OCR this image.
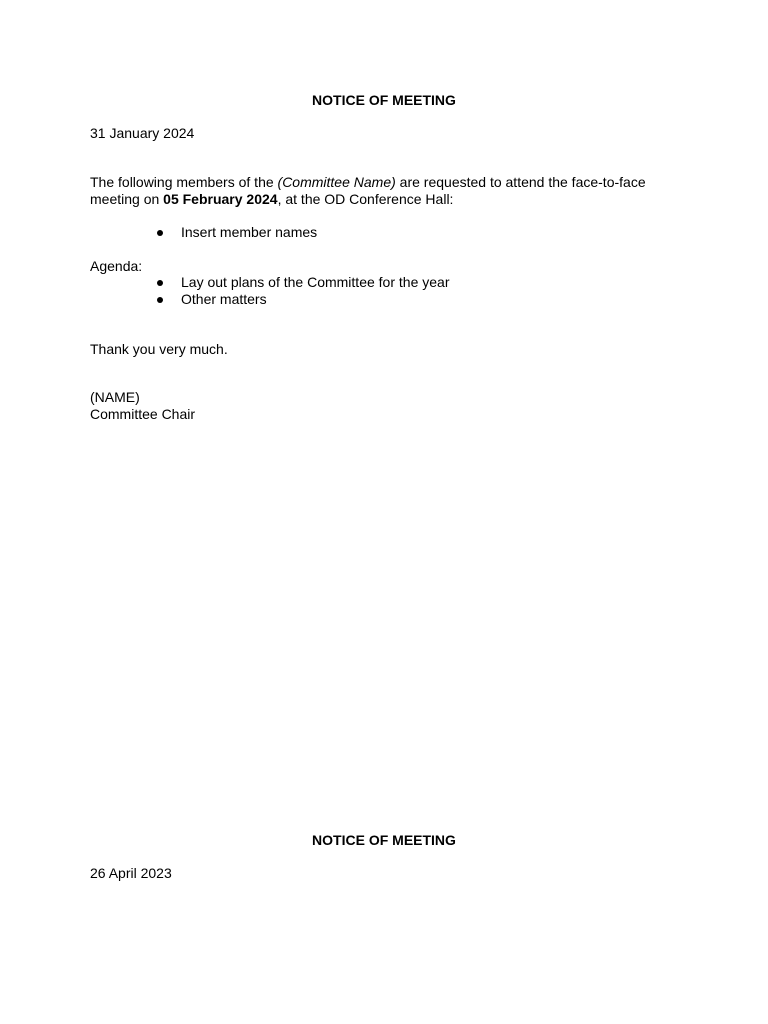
NOTICE OF MEETING

31 January 2024

The following members of the (Committee Name) are requested to attend the face-to-face

meeting on 05 February 2024, at the OD Conference Hall:

Insert member names

Agenda:

Lay out plans of the Committee for the year
Other matters

Thank you very much.

(NAME)

Committee Chair

NOTICE OF MEETING

26 April 2023
